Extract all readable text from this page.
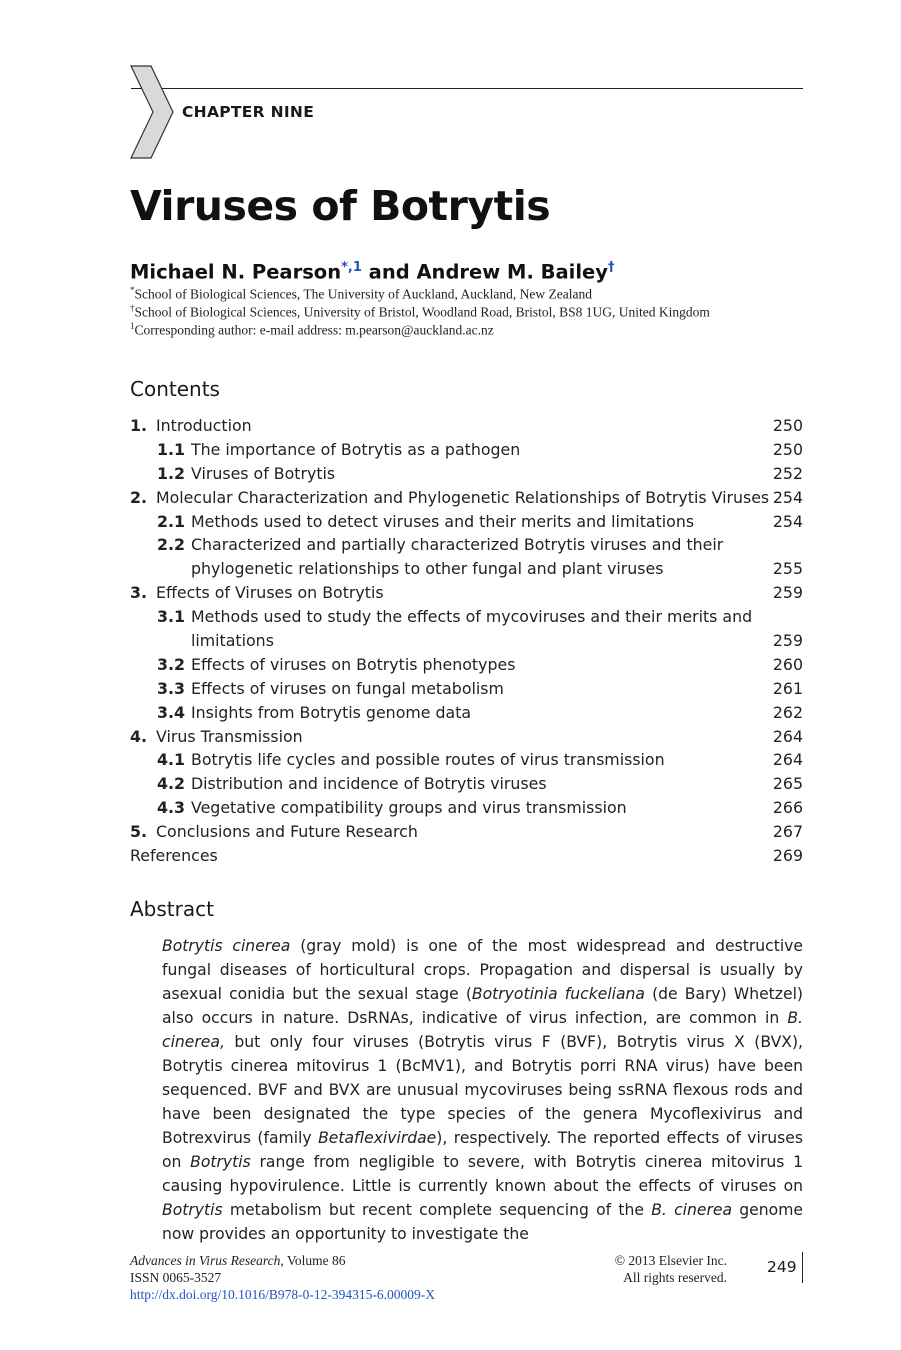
CHAPTER NINE
Viruses of Botrytis
Michael N. Pearson$^{*,1}$ and Andrew M. Bailey†
*School of Biological Sciences, The University of Auckland, Auckland, New Zealand
†School of Biological Sciences, University of Bristol, Woodland Road, Bristol, BS8 1UG, United Kingdom
$^1$Corresponding author: e-mail address: m.pearson@auckland.ac.nz
Contents
1. Introduction	250
1.1 The importance of Botrytis as a pathogen	250
1.2 Viruses of Botrytis	252
2. Molecular Characterization and Phylogenetic Relationships of Botrytis Viruses 254
2.1 Methods used to detect viruses and their merits and limitations	254
2.2 Characterized and partially characterized Botrytis viruses and their
phylogenetic relationships to other fungal and plant viruses	255
3. Effects of Viruses on Botrytis	259
3.1 Methods used to study the effects of mycoviruses and their merits and
limitations	259
3.2 Effects of viruses on Botrytis phenotypes	260
3.3 Effects of viruses on fungal metabolism	261
3.4 Insights from Botrytis genome data	262
4. Virus Transmission	264
4.1 Botrytis life cycles and possible routes of virus transmission	264
4.2 Distribution and incidence of Botrytis viruses	265
4.3 Vegetative compatibility groups and virus transmission	266
5. Conclusions and Future Research	267
References	269
Abstract

Botrytis cinerea (gray mold) is one of the most widespread and destructive fungal diseases of horticultural crops. Propagation and dispersal is usually by asexual conidia but the sexual stage (Botryotinia fuckeliana (de Bary) Whetzel) also occurs in nature. DsRNAs, indicative of virus infection, are common in B. cinerea, but only four viruses (Botrytis virus F (BVF), Botrytis virus X (BVX), Botrytis cinerea mitovirus 1 (BcMV1), and Botrytis porri RNA virus) have been sequenced. BVF and BVX are unusual mycoviruses being ssRNA flexous rods and have been designated the type species of the genera Mycoflexivirus and Botrexvirus (family Betaflexivirdae), respectively. The reported effects of viruses on Botrytis range from negligible to severe, with Botrytis cinerea mitovirus 1 causing hypovirulence. Little is currently known about the effects of viruses on Botrytis metabolism but recent complete sequencing of the B. cinerea genome now provides an opportunity to investigate the

Advances in Virus Research, Volume 86
ISSN 0065-3527
http://dx.doi.org/10.1016/B978-0-12-394315-6.00009-X
© 2013 Elsevier Inc.
All rights reserved.
249
